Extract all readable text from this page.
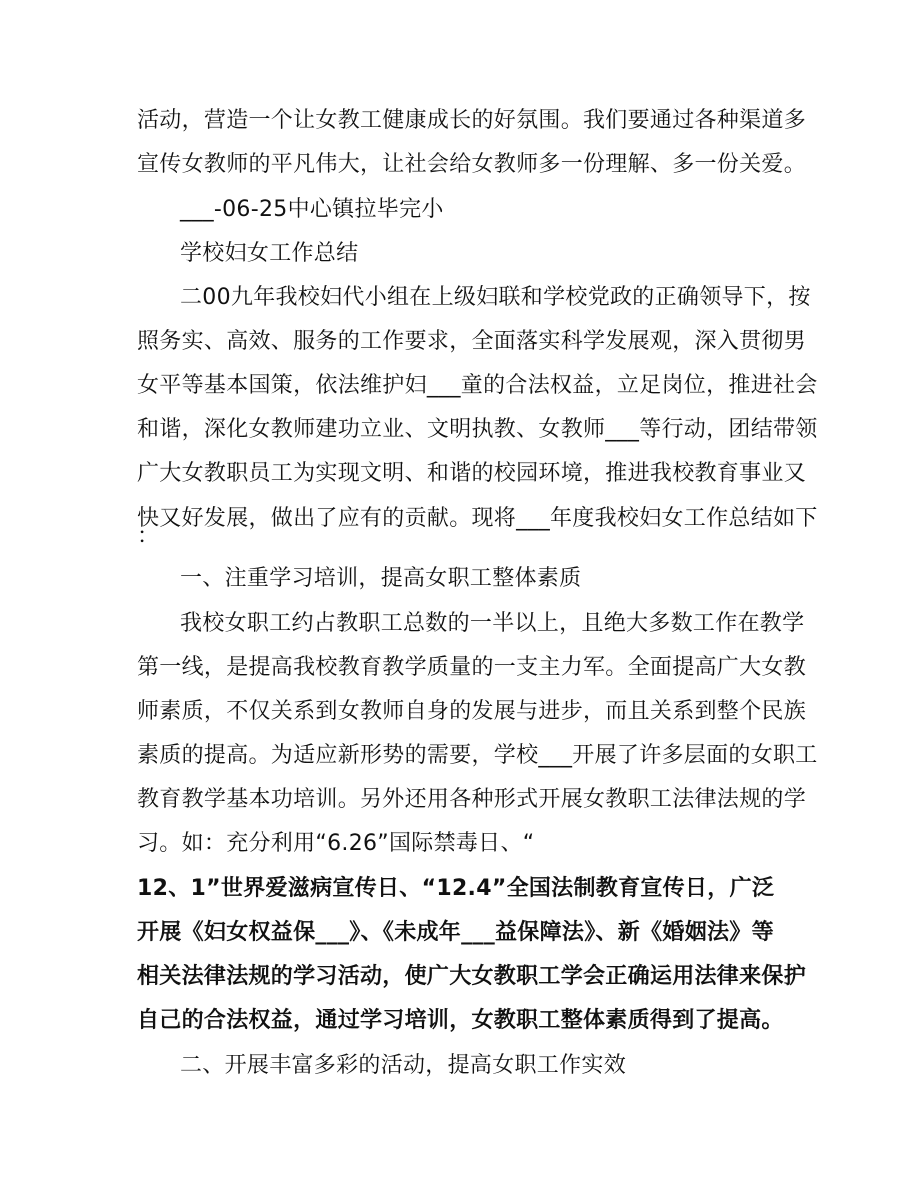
活动，营造一个让女教工健康成长的好氛围。我们要通过各种渠道多
宣传女教师的平凡伟大，让社会给女教师多一份理解、多一份关爱。
___-06-25中心镇拉毕完小
学校妇女工作总结
二00九年我校妇代小组在上级妇联和学校党政的正确领导下，按
照务实、高效、服务的工作要求，全面落实科学发展观，深入贯彻男
女平等基本国策，依法维护妇___童的合法权益，立足岗位，推进社会
和谐，深化女教师建功立业、文明执教、女教师___等行动，团结带领
广大女教职员工为实现文明、和谐的校园环境，推进我校教育事业又
快又好发展，做出了应有的贡献。现将___年度我校妇女工作总结如下
：
一、注重学习培训，提高女职工整体素质
我校女职工约占教职工总数的一半以上，且绝大多数工作在教学
第一线，是提高我校教育教学质量的一支主力军。全面提高广大女教
师素质，不仅关系到女教师自身的发展与进步，而且关系到整个民族
素质的提高。为适应新形势的需要，学校___开展了许多层面的女职工
教育教学基本功培训。另外还用各种形式开展女教职工法律法规的学
习。如：充分利用“6.26”国际禁毒日、“
12、1”世界爱滋病宣传日、“12.4”全国法制教育宣传日，广泛
开展《妇女权益保___》、《未成年___益保障法》、新《婚姻法》等
相关法律法规的学习活动，使广大女教职工学会正确运用法律来保护
自己的合法权益，通过学习培训，女教职工整体素质得到了提高。
二、开展丰富多彩的活动，提高女职工作实效
